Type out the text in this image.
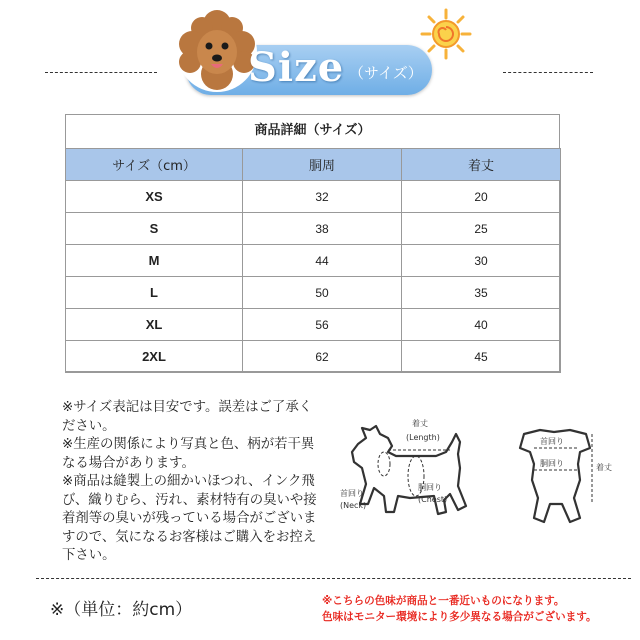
Size （サイズ）
商品詳細（サイズ）
サイズ（cm）	胴周	着丈
XS	32	20
S	38	25
M	44	30
L	50	35
XL	56	40
2XL	62	45

※サイズ表記は目安です。誤差はご了承ください。

※生産の関係により写真と色、柄が若干異なる場合があります。

※商品は縫製上の細かいほつれ、インク飛び、織りむら、汚れ、素材特有の臭いや接着剤等の臭いが残っている場合がございますので、気になるお客様はご購入をお控え下さい。

着丈
(Length)
胴回り
(Chest)
首回り
(Neck)
首回り
胴回り	着丈
※（単位：約cm）	※こちらの色味が商品と一番近いものになります。

色味はモニター環境により多少異なる場合がございます。
